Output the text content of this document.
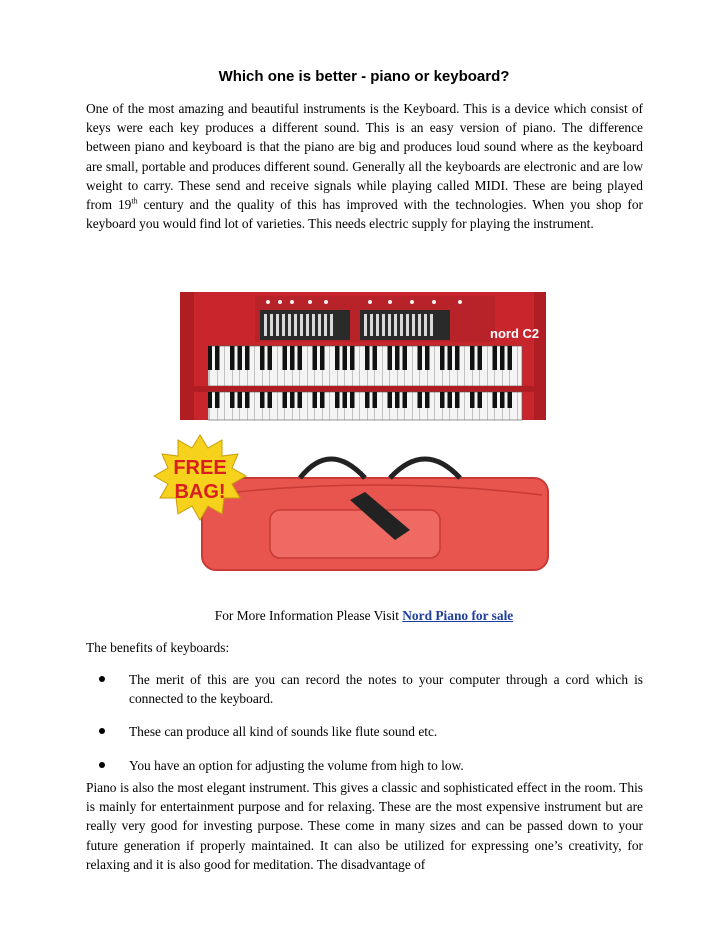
Which one is better - piano or keyboard?
One of the most amazing and beautiful instruments is the Keyboard. This is a device which consist of keys were each key produces a different sound. This is an easy version of piano. The difference between piano and keyboard is that the piano are big and produces loud sound where as the keyboard are small, portable and produces different sound. Generally all the keyboards are electronic and are low weight to carry. These send and receive signals while playing called MIDI. These are being played from 19th century and the quality of this has improved with the technologies. When you shop for keyboard you would find lot of varieties. This needs electric supply for playing the instrument.
nord C2
FREE
BAG!
For More Information Please Visit Nord Piano for sale
The benefits of keyboards:
The merit of this are you can record the notes to your computer through a cord which is connected to the keyboard.
These can produce all kind of sounds like flute sound etc.
You have an option for adjusting the volume from high to low.
Piano is also the most elegant instrument. This gives a classic and sophisticated effect in the room. This is mainly for entertainment purpose and for relaxing. These are the most expensive instrument but are really very good for investing purpose. These come in many sizes and can be passed down to your future generation if properly maintained. It can also be utilized for expressing one’s creativity, for relaxing and it is also good for meditation. The disadvantage of
